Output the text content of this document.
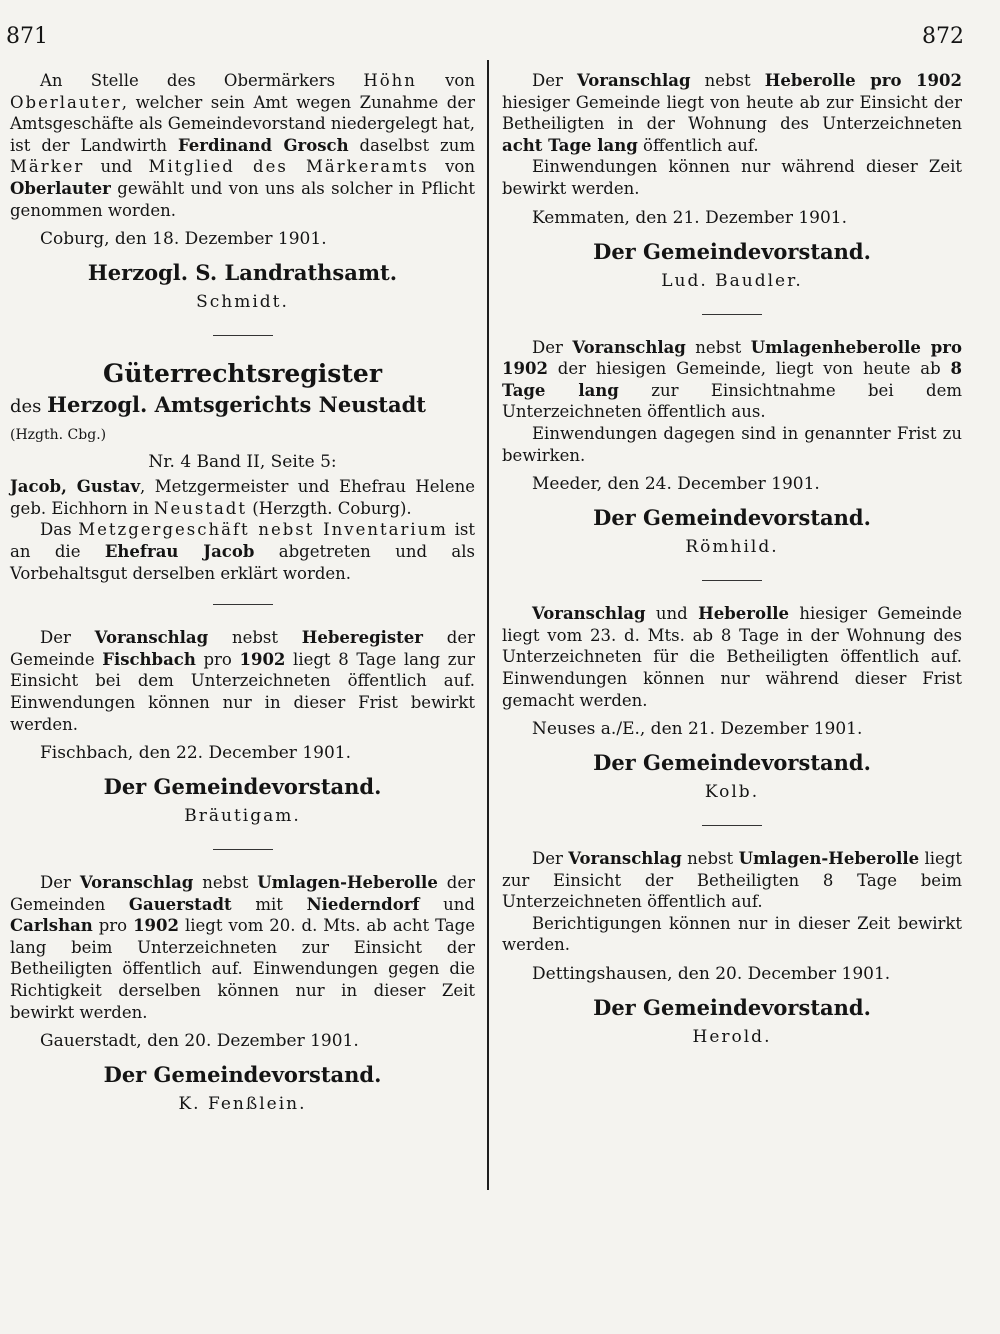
871	872

An Stelle des Obermärkers Höhn von Oberlauter, welcher sein Amt wegen Zunahme der Amtsgeschäfte als Gemeindevorstand niedergelegt hat, ist der Landwirth Ferdinand Grosch daselbst zum Märker und Mitglied des Märkeramts von Oberlauter gewählt und von uns als solcher in Pflicht genommen worden.

Coburg, den 18. Dezember 1901.
Herzogl. S. Landrathsamt.
Schmidt.
Güterrechtsregister

des Herzogl. Amtsgerichts Neustadt (Hzgth. Cbg.)

Nr. 4 Band II, Seite 5:

Jacob, Gustav, Metzgermeister und Ehefrau Helene geb. Eichhorn in Neustadt (Herzgth. Coburg).

Das Metzgergeschäft nebst Inventarium ist an die Ehefrau Jacob abgetreten und als Vorbehaltsgut derselben erklärt worden.

Der Voranschlag nebst Heberegister der Gemeinde Fischbach pro 1902 liegt 8 Tage lang zur Einsicht bei dem Unterzeichneten öffentlich auf. Einwendungen können nur in dieser Frist bewirkt werden.

Fischbach, den 22. December 1901.
Der Gemeindevorstand.
Bräutigam.

Der Voranschlag nebst Umlagen-Heberolle der Gemeinden Gauerstadt mit Niederndorf und Carlshan pro 1902 liegt vom 20. d. Mts. ab acht Tage lang beim Unterzeichneten zur Einsicht der Betheiligten öffentlich auf. Einwendungen gegen die Richtigkeit derselben können nur in dieser Zeit bewirkt werden.

Gauerstadt, den 20. Dezember 1901.
Der Gemeindevorstand.
K. Fenßlein.

Der Voranschlag nebst Heberolle pro 1902 hiesiger Gemeinde liegt von heute ab zur Einsicht der Betheiligten in der Wohnung des Unterzeichneten acht Tage lang öffentlich auf.

Einwendungen können nur während dieser Zeit bewirkt werden.

Kemmaten, den 21. Dezember 1901.
Der Gemeindevorstand.
Lud. Baudler.

Der Voranschlag nebst Umlagenheberolle pro 1902 der hiesigen Gemeinde, liegt von heute ab 8 Tage lang zur Einsichtnahme bei dem Unterzeichneten öffentlich aus.

Einwendungen dagegen sind in genannter Frist zu bewirken.

Meeder, den 24. December 1901.
Der Gemeindevorstand.
Römhild.

Voranschlag und Heberolle hiesiger Gemeinde liegt vom 23. d. Mts. ab 8 Tage in der Wohnung des Unterzeichneten für die Betheiligten öffentlich auf. Einwendungen können nur während dieser Frist gemacht werden.

Neuses a./E., den 21. Dezember 1901.
Der Gemeindevorstand.
Kolb.

Der Voranschlag nebst Umlagen-Heberolle liegt zur Einsicht der Betheiligten 8 Tage beim Unterzeichneten öffentlich auf.

Berichtigungen können nur in dieser Zeit bewirkt werden.

Dettingshausen, den 20. December 1901.
Der Gemeindevorstand.
Herold.
